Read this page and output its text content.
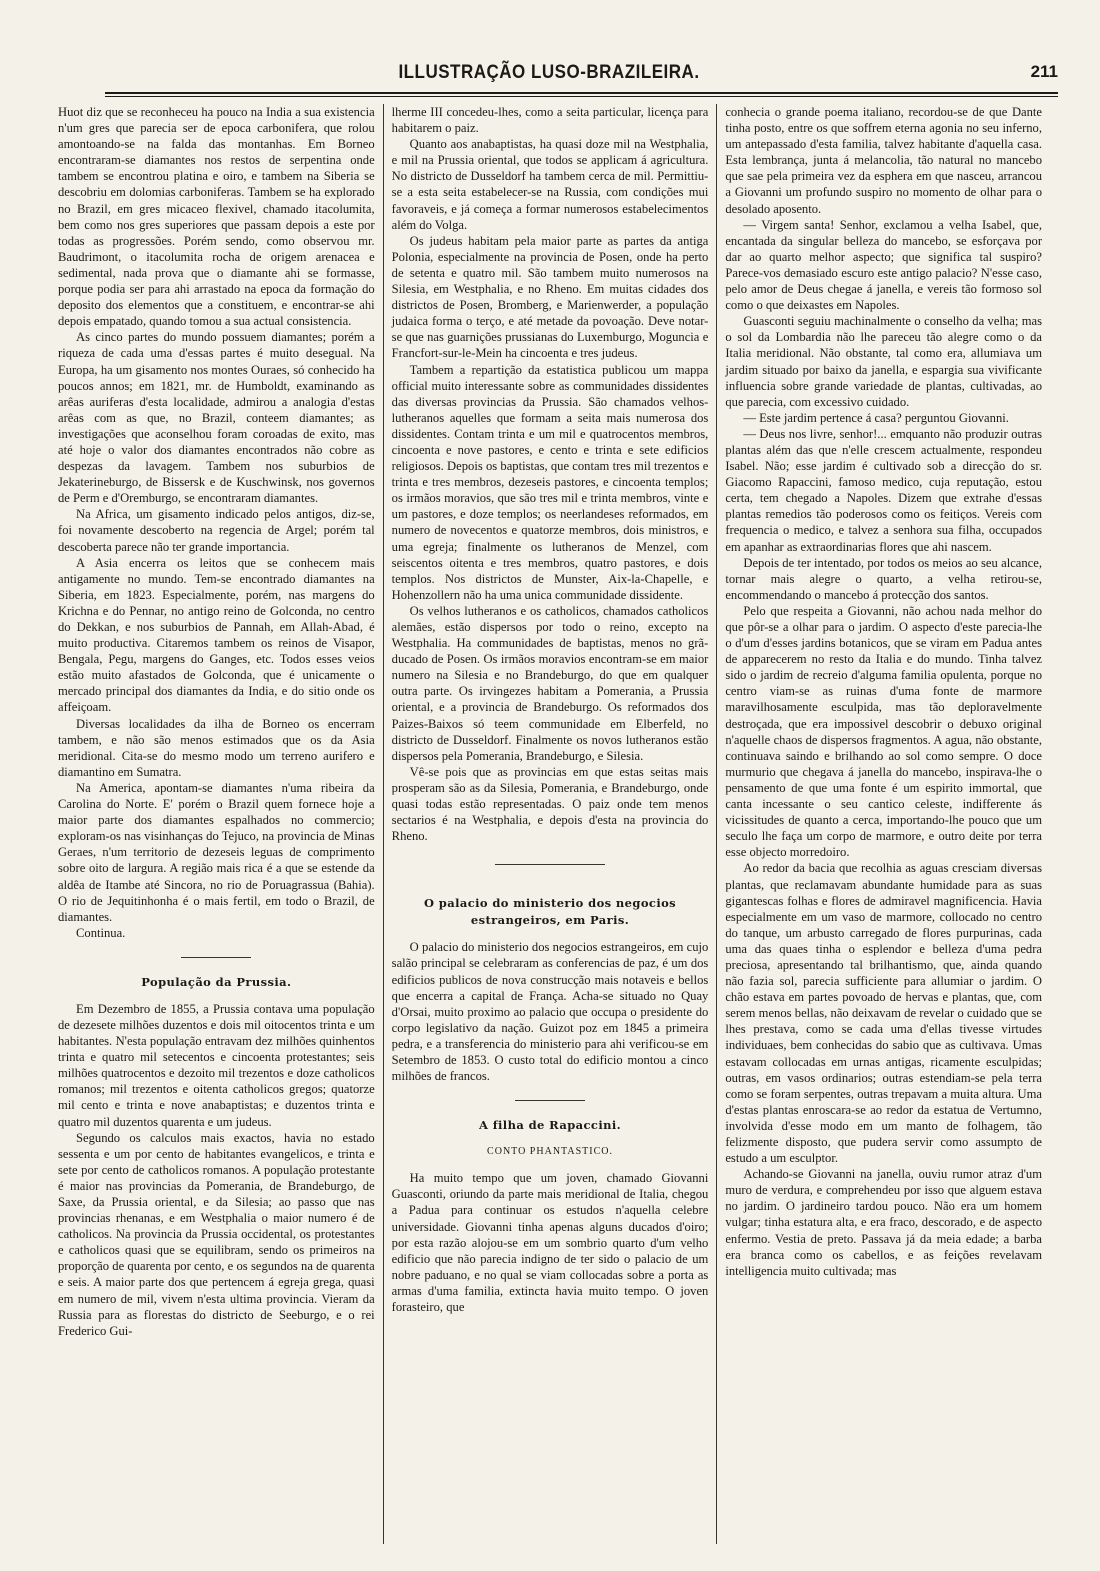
ILLUSTRAÇÃO LUSO-BRAZILEIRA.	211

Huot diz que se reconheceu ha pouco na India a sua existencia n'um gres que parecia ser de epoca carbonifera, que rolou amontoando-se na falda das montanhas. Em Borneo encontraram-se diamantes nos restos de serpentina onde tambem se encontrou platina e oiro, e tambem na Siberia se descobriu em dolomias carboniferas. Tambem se ha explorado no Brazil, em gres micaceo flexivel, chamado itacolumita, bem como nos gres superiores que passam depois a este por todas as progressões. Porém sendo, como observou mr. Baudrimont, o itacolumita rocha de origem arenacea e sedimental, nada prova que o diamante ahi se formasse, porque podia ser para ahi arrastado na epoca da formação do deposito dos elementos que a constituem, e encontrar-se ahi depois empatado, quando tomou a sua actual consistencia.

As cinco partes do mundo possuem diamantes; porém a riqueza de cada uma d'essas partes é muito desegual. Na Europa, ha um gisamento nos montes Ouraes, só conhecido ha poucos annos; em 1821, mr. de Humboldt, examinando as arêas auriferas d'esta localidade, admirou a analogia d'estas arêas com as que, no Brazil, conteem diamantes; as investigações que aconselhou foram coroadas de exito, mas até hoje o valor dos diamantes encontrados não cobre as despezas da lavagem. Tambem nos suburbios de Jekaterineburgo, de Bissersk e de Kuschwinsk, nos governos de Perm e d'Oremburgo, se encontraram diamantes.

Na Africa, um gisamento indicado pelos antigos, diz-se, foi novamente descoberto na regencia de Argel; porém tal descoberta parece não ter grande importancia.

A Asia encerra os leitos que se conhecem mais antigamente no mundo. Tem-se encontrado diamantes na Siberia, em 1823. Especialmente, porém, nas margens do Krichna e do Pennar, no antigo reino de Golconda, no centro do Dekkan, e nos suburbios de Pannah, em Allah-Abad, é muito productiva. Citaremos tambem os reinos de Visapor, Bengala, Pegu, margens do Ganges, etc. Todos esses veios estão muito afastados de Golconda, que é unicamente o mercado principal dos diamantes da India, e do sitio onde os affeiçoam.

Diversas localidades da ilha de Borneo os encerram tambem, e não são menos estimados que os da Asia meridional. Cita-se do mesmo modo um terreno aurifero e diamantino em Sumatra.

Na America, apontam-se diamantes n'uma ribeira da Carolina do Norte. E' porém o Brazil quem fornece hoje a maior parte dos diamantes espalhados no commercio; exploram-os nas visinhanças do Tejuco, na provincia de Minas Geraes, n'um territorio de dezeseis leguas de comprimento sobre oito de largura. A região mais rica é a que se estende da aldêa de Itambe até Sincora, no rio de Poruagrassua (Bahia). O rio de Jequitinhonha é o mais fertil, em todo o Brazil, de diamantes.

Continua.

População da Prussia.

Em Dezembro de 1855, a Prussia contava uma população de dezesete milhões duzentos e dois mil oitocentos trinta e um habitantes. N'esta população entravam dez milhões quinhentos trinta e quatro mil setecentos e cincoenta protestantes; seis milhões quatrocentos e dezoito mil trezentos e doze catholicos romanos; mil trezentos e oitenta catholicos gregos; quatorze mil cento e trinta e nove anabaptistas; e duzentos trinta e quatro mil duzentos quarenta e um judeus.

Segundo os calculos mais exactos, havia no estado sessenta e um por cento de habitantes evangelicos, e trinta e sete por cento de catholicos romanos. A população protestante é maior nas provincias da Pomerania, de Brandeburgo, de Saxe, da Prussia oriental, e da Silesia; ao passo que nas provincias rhenanas, e em Westphalia o maior numero é de catholicos. Na provincia da Prussia occidental, os protestantes e catholicos quasi que se equilibram, sendo os primeiros na proporção de quarenta por cento, e os segundos na de quarenta e seis. A maior parte dos que pertencem á egreja grega, quasi em numero de mil, vivem n'esta ultima provincia. Vieram da Russia para as florestas do districto de Seeburgo, e o rei Frederico Gui-

lherme III concedeu-lhes, como a seita particular, licença para habitarem o paiz.

Quanto aos anabaptistas, ha quasi doze mil na Westphalia, e mil na Prussia oriental, que todos se applicam á agricultura. No districto de Dusseldorf ha tambem cerca de mil. Permittiu-se a esta seita estabelecer-se na Russia, com condições mui favoraveis, e já começa a formar numerosos estabelecimentos além do Volga.

Os judeus habitam pela maior parte as partes da antiga Polonia, especialmente na provincia de Posen, onde ha perto de setenta e quatro mil. São tambem muito numerosos na Silesia, em Westphalia, e no Rheno. Em muitas cidades dos districtos de Posen, Bromberg, e Marienwerder, a população judaica forma o terço, e até metade da povoação. Deve notar-se que nas guarnições prussianas do Luxemburgo, Moguncia e Francfort-sur-le-Mein ha cincoenta e tres judeus.

Tambem a repartição da estatistica publicou um mappa official muito interessante sobre as communidades dissidentes das diversas provincias da Prussia. São chamados velhos-lutheranos aquelles que formam a seita mais numerosa dos dissidentes. Contam trinta e um mil e quatrocentos membros, cincoenta e nove pastores, e cento e trinta e sete edificios religiosos. Depois os baptistas, que contam tres mil trezentos e trinta e tres membros, dezeseis pastores, e cincoenta templos; os irmãos moravios, que são tres mil e trinta membros, vinte e um pastores, e doze templos; os neerlandeses reformados, em numero de novecentos e quatorze membros, dois ministros, e uma egreja; finalmente os lutheranos de Menzel, com seiscentos oitenta e tres membros, quatro pastores, e dois templos. Nos districtos de Munster, Aix-la-Chapelle, e Hohenzollern não ha uma unica communidade dissidente.

Os velhos lutheranos e os catholicos, chamados catholicos alemães, estão dispersos por todo o reino, excepto na Westphalia. Ha communidades de baptistas, menos no grã-ducado de Posen. Os irmãos moravios encontram-se em maior numero na Silesia e no Brandeburgo, do que em qualquer outra parte. Os irvingezes habitam a Pomerania, a Prussia oriental, e a provincia de Brandeburgo. Os reformados dos Paizes-Baixos só teem communidade em Elberfeld, no districto de Dusseldorf. Finalmente os novos lutheranos estão dispersos pela Pomerania, Brandeburgo, e Silesia.

Vê-se pois que as provincias em que estas seitas mais prosperam são as da Silesia, Pomerania, e Brandeburgo, onde quasi todas estão representadas. O paiz onde tem menos sectarios é na Westphalia, e depois d'esta na provincia do Rheno.

O palacio do ministerio dos negocios estrangeiros, em Paris.

O palacio do ministerio dos negocios estrangeiros, em cujo salão principal se celebraram as conferencias de paz, é um dos edificios publicos de nova construcção mais notaveis e bellos que encerra a capital de França. Acha-se situado no Quay d'Orsai, muito proximo ao palacio que occupa o presidente do corpo legislativo da nação. Guizot poz em 1845 a primeira pedra, e a transferencia do ministerio para ahi verificou-se em Setembro de 1853. O custo total do edificio montou a cinco milhões de francos.

A filha de Rapaccini.
CONTO PHANTASTICO.

Ha muito tempo que um joven, chamado Giovanni Guasconti, oriundo da parte mais meridional de Italia, chegou a Padua para continuar os estudos n'aquella celebre universidade. Giovanni tinha apenas alguns ducados d'oiro; por esta razão alojou-se em um sombrio quarto d'um velho edificio que não parecia indigno de ter sido o palacio de um nobre paduano, e no qual se viam collocadas sobre a porta as armas d'uma familia, extincta havia muito tempo. O joven forasteiro, que

conhecia o grande poema italiano, recordou-se de que Dante tinha posto, entre os que soffrem eterna agonia no seu inferno, um antepassado d'esta familia, talvez habitante d'aquella casa. Esta lembrança, junta á melancolia, tão natural no mancebo que sae pela primeira vez da esphera em que nasceu, arrancou a Giovanni um profundo suspiro no momento de olhar para o desolado aposento.

— Virgem santa! Senhor, exclamou a velha Isabel, que, encantada da singular belleza do mancebo, se esforçava por dar ao quarto melhor aspecto; que significa tal suspiro? Parece-vos demasiado escuro este antigo palacio? N'esse caso, pelo amor de Deus chegae á janella, e vereis tão formoso sol como o que deixastes em Napoles.

Guasconti seguiu machinalmente o conselho da velha; mas o sol da Lombardia não lhe pareceu tão alegre como o da Italia meridional. Não obstante, tal como era, allumiava um jardim situado por baixo da janella, e espargia sua vivificante influencia sobre grande variedade de plantas, cultivadas, ao que parecia, com excessivo cuidado.

— Este jardim pertence á casa? perguntou Giovanni.

— Deus nos livre, senhor!... emquanto não produzir outras plantas além das que n'elle crescem actualmente, respondeu Isabel. Não; esse jardim é cultivado sob a direcção do sr. Giacomo Rapaccini, famoso medico, cuja reputação, estou certa, tem chegado a Napoles. Dizem que extrahe d'essas plantas remedios tão poderosos como os feitiços. Vereis com frequencia o medico, e talvez a senhora sua filha, occupados em apanhar as extraordinarias flores que ahi nascem.

Depois de ter intentado, por todos os meios ao seu alcance, tornar mais alegre o quarto, a velha retirou-se, encommendando o mancebo á protecção dos santos.

Pelo que respeita a Giovanni, não achou nada melhor do que pôr-se a olhar para o jardim. O aspecto d'este parecia-lhe o d'um d'esses jardins botanicos, que se viram em Padua antes de apparecerem no resto da Italia e do mundo. Tinha talvez sido o jardim de recreio d'alguma familia opulenta, porque no centro viam-se as ruinas d'uma fonte de marmore maravilhosamente esculpida, mas tão deploravelmente destroçada, que era impossivel descobrir o debuxo original n'aquelle chaos de dispersos fragmentos. A agua, não obstante, continuava saindo e brilhando ao sol como sempre. O doce murmurio que chegava á janella do mancebo, inspirava-lhe o pensamento de que uma fonte é um espirito immortal, que canta incessante o seu cantico celeste, indifferente ás vicissitudes de quanto a cerca, importando-lhe pouco que um seculo lhe faça um corpo de marmore, e outro deite por terra esse objecto morredoiro.

Ao redor da bacia que recolhia as aguas cresciam diversas plantas, que reclamavam abundante humidade para as suas gigantescas folhas e flores de admiravel magnificencia. Havia especialmente em um vaso de marmore, collocado no centro do tanque, um arbusto carregado de flores purpurinas, cada uma das quaes tinha o esplendor e belleza d'uma pedra preciosa, apresentando tal brilhantismo, que, ainda quando não fazia sol, parecia sufficiente para allumiar o jardim. O chão estava em partes povoado de hervas e plantas, que, com serem menos bellas, não deixavam de revelar o cuidado que se lhes prestava, como se cada uma d'ellas tivesse virtudes individuaes, bem conhecidas do sabio que as cultivava. Umas estavam collocadas em urnas antigas, ricamente esculpidas; outras, em vasos ordinarios; outras estendiam-se pela terra como se foram serpentes, outras trepavam a muita altura. Uma d'estas plantas enroscara-se ao redor da estatua de Vertumno, involvida d'esse modo em um manto de folhagem, tão felizmente disposto, que pudera servir como assumpto de estudo a um esculptor.

Achando-se Giovanni na janella, ouviu rumor atraz d'um muro de verdura, e comprehendeu por isso que alguem estava no jardim. O jardineiro tardou pouco. Não era um homem vulgar; tinha estatura alta, e era fraco, descorado, e de aspecto enfermo. Vestia de preto. Passava já da meia edade; a barba era branca como os cabellos, e as feições revelavam intelligencia muito cultivada; mas
